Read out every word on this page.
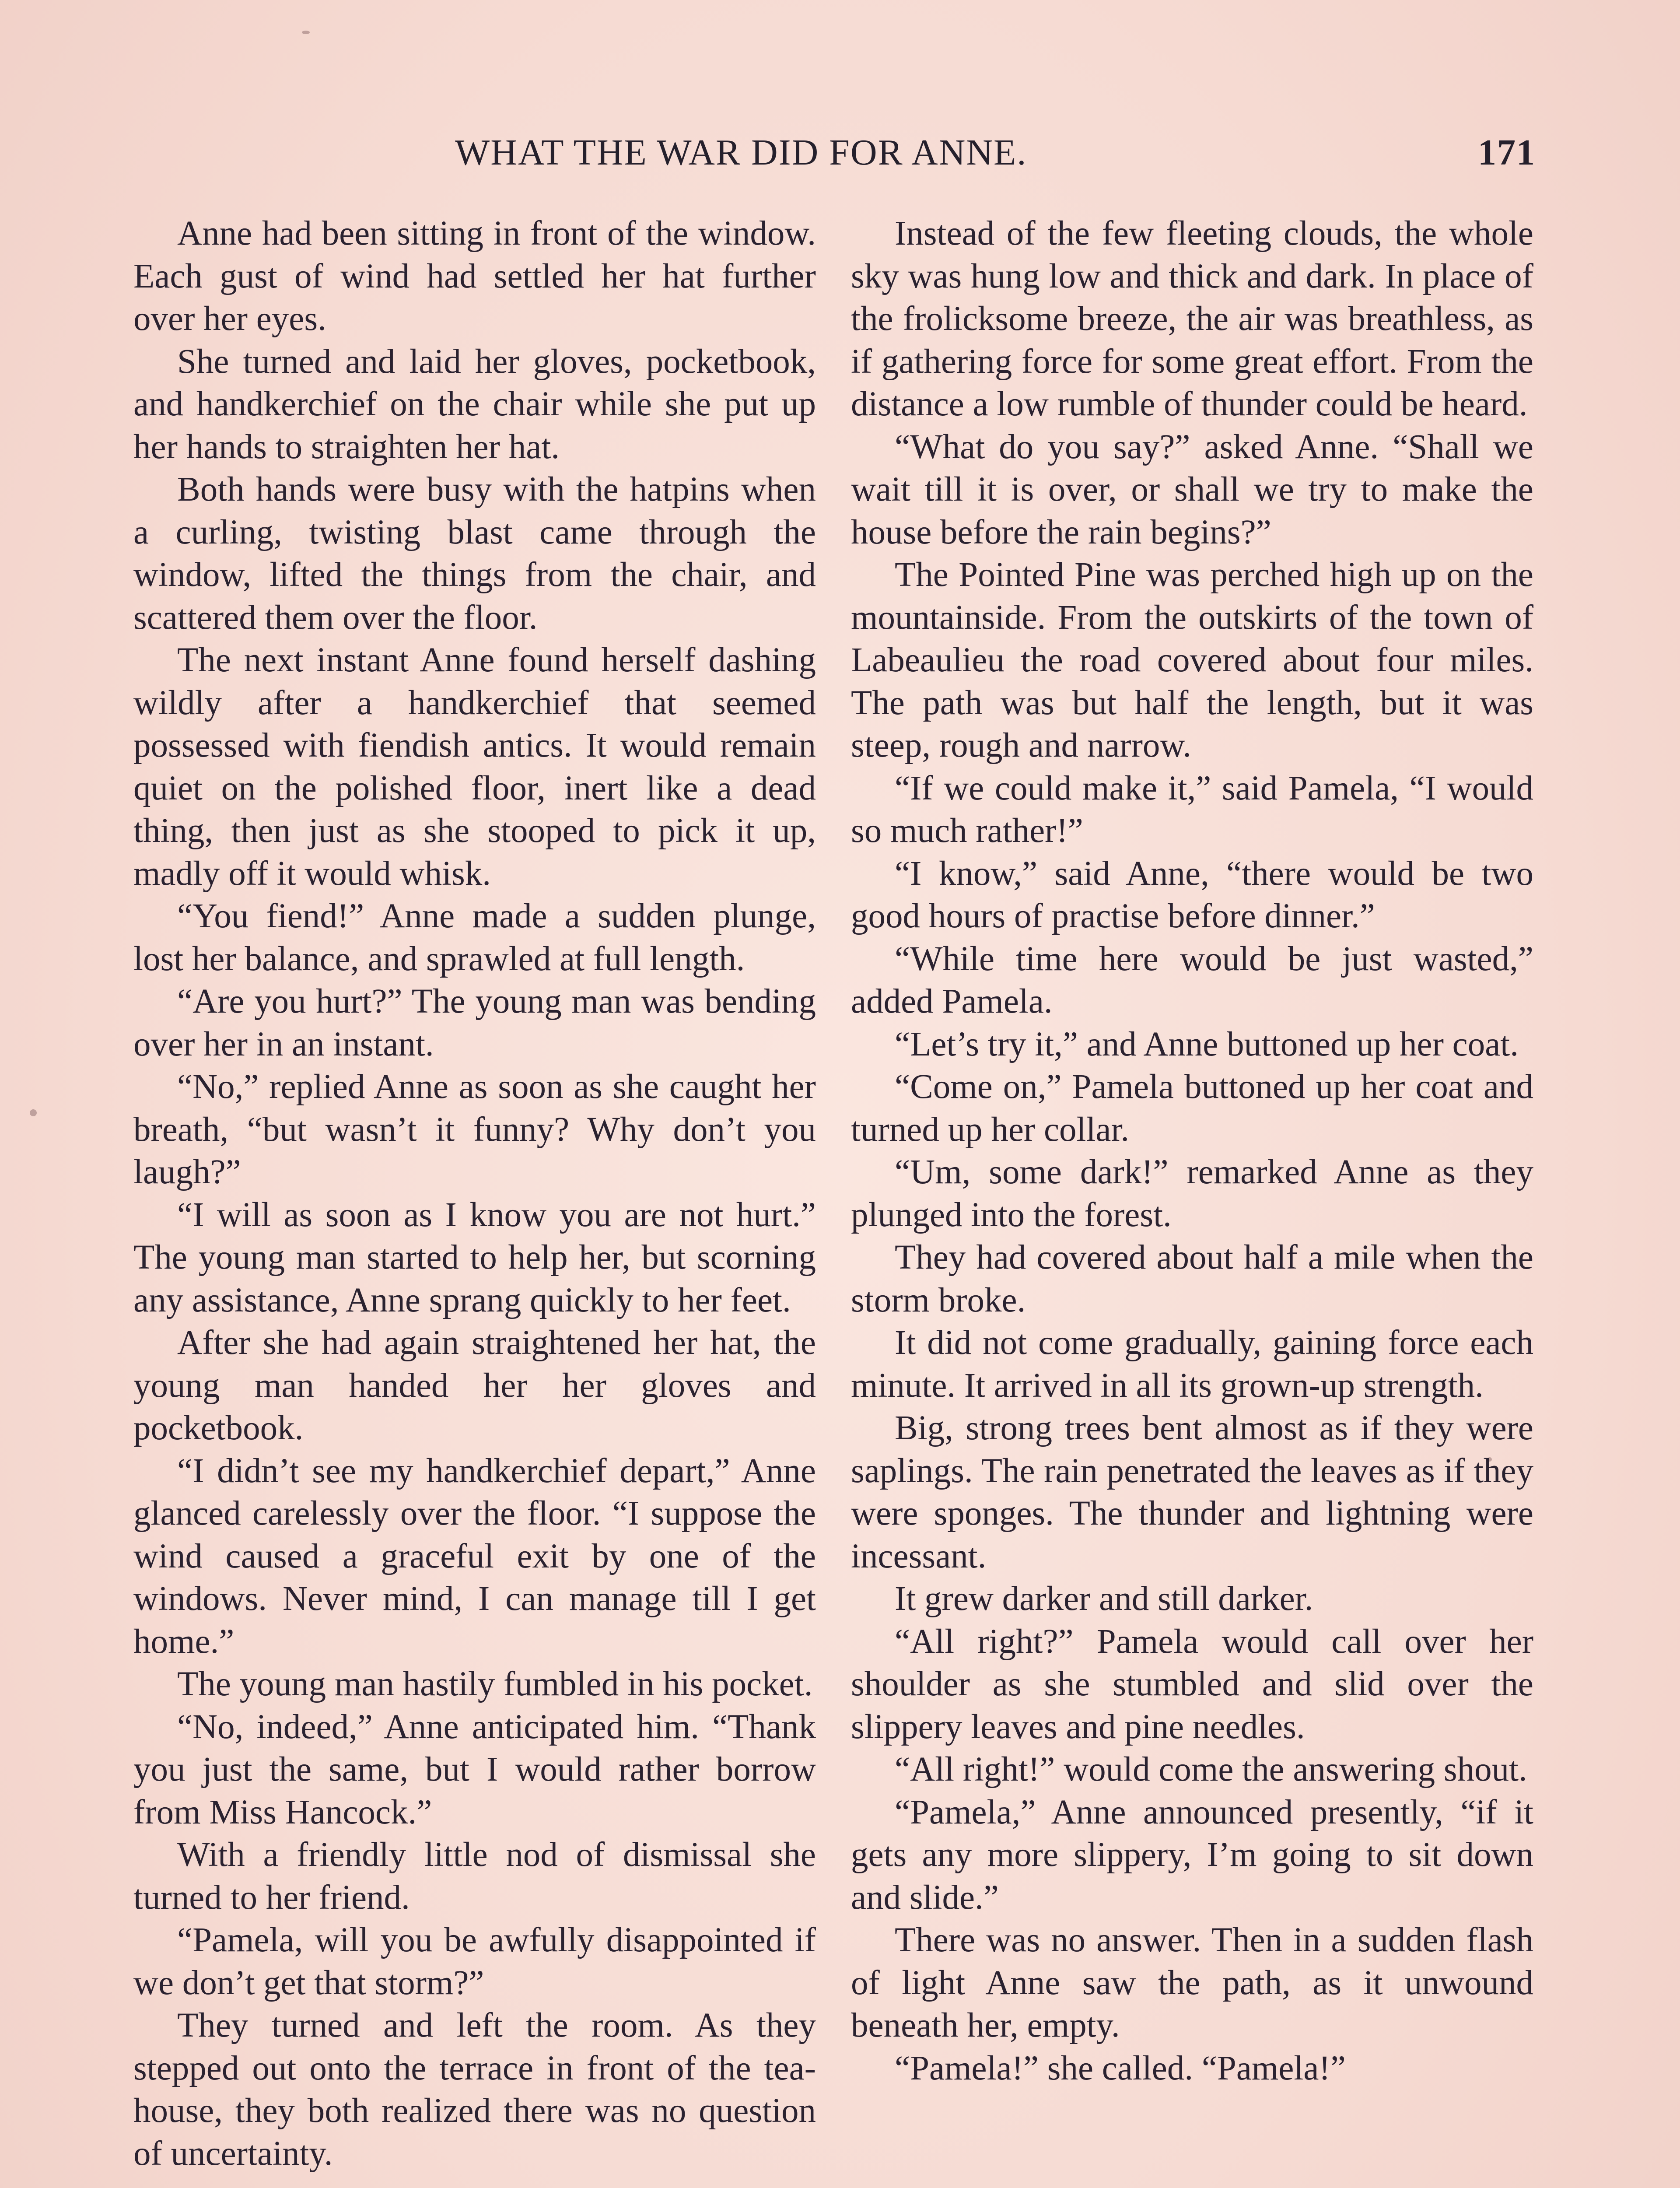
WHAT THE WAR DID FOR ANNE.	171

Anne had been sitting in front of the window. Each gust of wind had settled her hat further over her eyes.

She turned and laid her gloves, pocketbook, and handkerchief on the chair while she put up her hands to straighten her hat.

Both hands were busy with the hatpins when a curling, twisting blast came through the window, lifted the things from the chair, and scattered them over the floor.

The next instant Anne found herself dashing wildly after a handkerchief that seemed possessed with fiendish antics. It would remain quiet on the polished floor, inert like a dead thing, then just as she stooped to pick it up, madly off it would whisk.

“You fiend!” Anne made a sudden plunge, lost her balance, and sprawled at full length.

“Are you hurt?” The young man was bending over her in an instant.

“No,” replied Anne as soon as she caught her breath, “but wasn’t it funny? Why don’t you laugh?”

“I will as soon as I know you are not hurt.” The young man started to help her, but scorning any assistance, Anne sprang quickly to her feet.

After she had again straightened her hat, the young man handed her her gloves and pocketbook.

“I didn’t see my handkerchief depart,” Anne glanced carelessly over the floor. “I suppose the wind caused a graceful exit by one of the windows. Never mind, I can manage till I get home.”

The young man hastily fumbled in his pocket.

“No, indeed,” Anne anticipated him. “Thank you just the same, but I would rather borrow from Miss Hancock.”

With a friendly little nod of dismissal she turned to her friend.

“Pamela, will you be awfully disappointed if we don’t get that storm?”

They turned and left the room. As they stepped out onto the terrace in front of the tea-house, they both realized there was no question of uncertainty.

Instead of the few fleeting clouds, the whole sky was hung low and thick and dark. In place of the frolicksome breeze, the air was breathless, as if gathering force for some great effort. From the distance a low rumble of thunder could be heard.

“What do you say?” asked Anne. “Shall we wait till it is over, or shall we try to make the house before the rain begins?”

The Pointed Pine was perched high up on the mountainside. From the outskirts of the town of Labeaulieu the road covered about four miles. The path was but half the length, but it was steep, rough and narrow.

“If we could make it,” said Pamela, “I would so much rather!”

“I know,” said Anne, “there would be two good hours of practise before dinner.”

“While time here would be just wasted,” added Pamela.

“Let’s try it,” and Anne buttoned up her coat.

“Come on,” Pamela buttoned up her coat and turned up her collar.

“Um, some dark!” remarked Anne as they plunged into the forest.

They had covered about half a mile when the storm broke.

It did not come gradually, gaining force each minute. It arrived in all its grown-up strength.

Big, strong trees bent almost as if they were saplings. The rain penetrated the leaves as if they were sponges. The thunder and lightning were incessant.

It grew darker and still darker.

“All right?” Pamela would call over her shoulder as she stumbled and slid over the slippery leaves and pine needles.

“All right!” would come the answering shout.

“Pamela,” Anne announced presently, “if it gets any more slippery, I’m going to sit down and slide.”

There was no answer. Then in a sudden flash of light Anne saw the path, as it unwound beneath her, empty.

“Pamela!” she called. “Pamela!”
